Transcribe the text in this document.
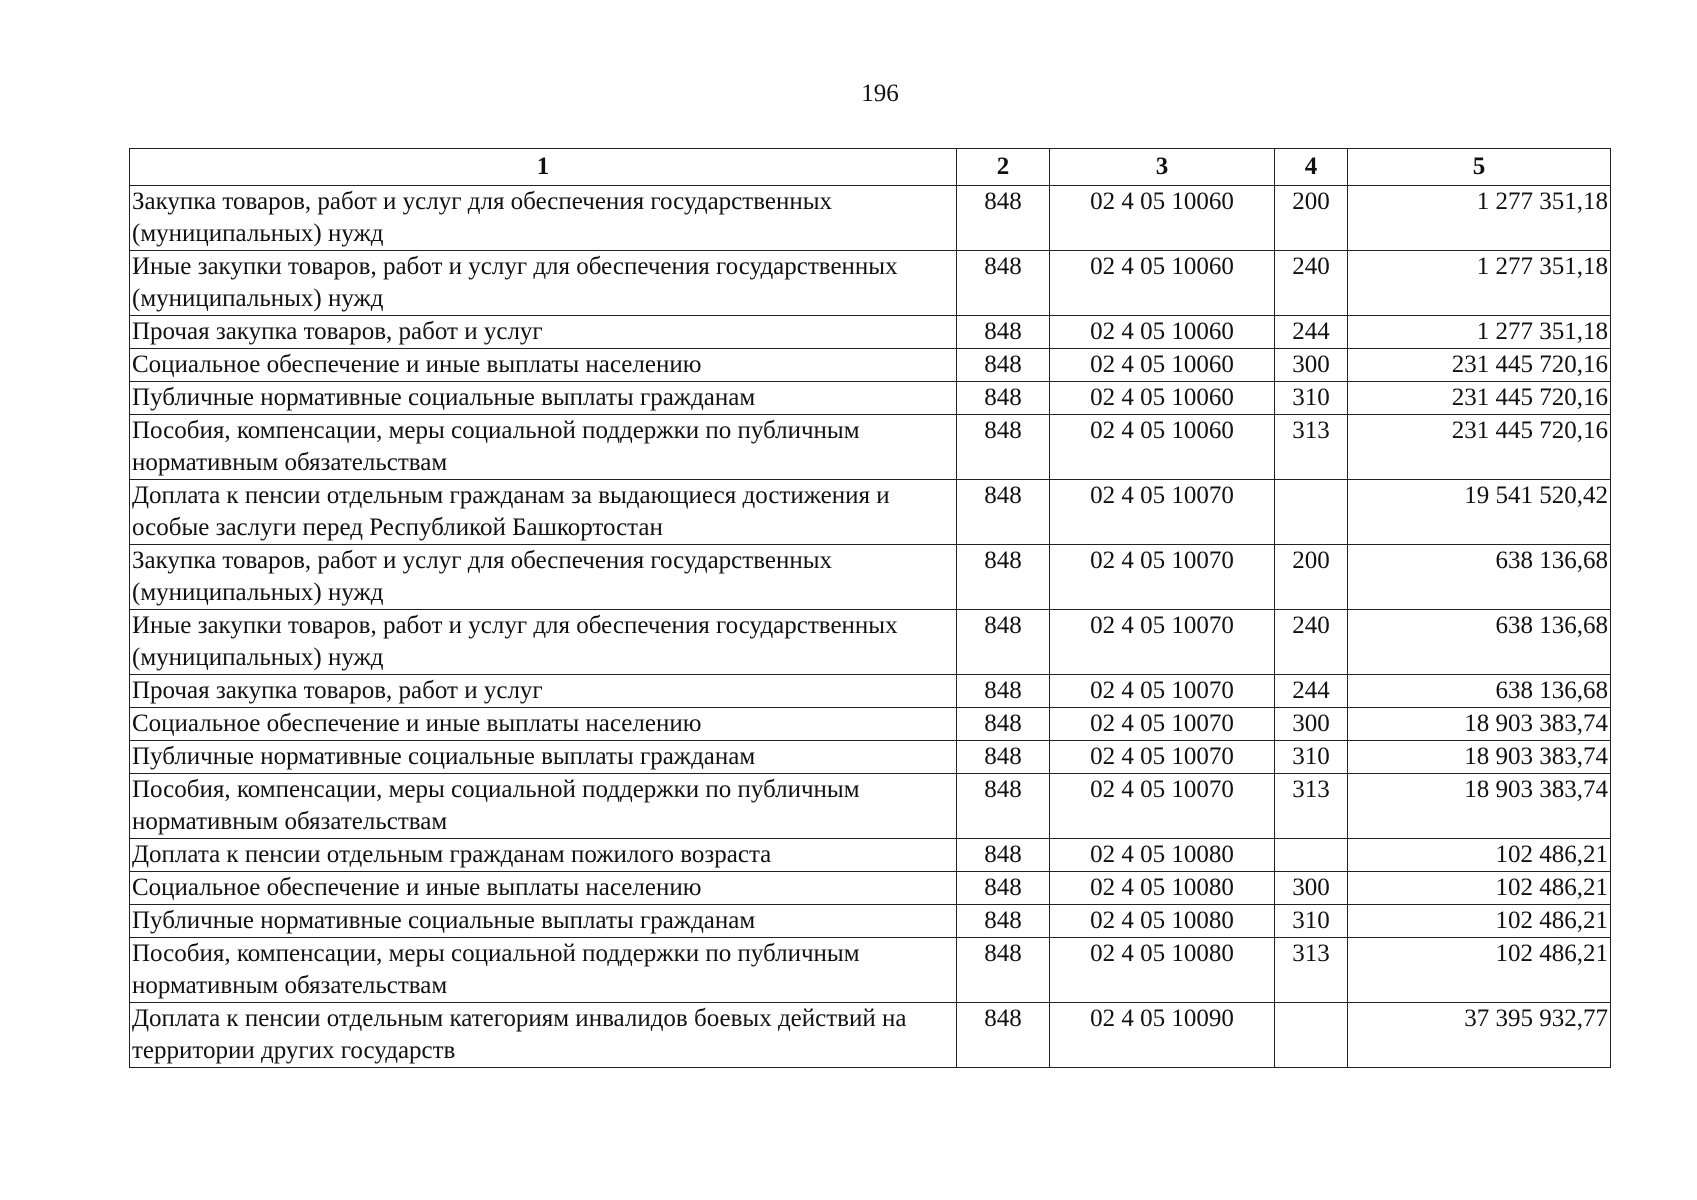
196
1	2	3	4	5
Закупка товаров, работ и услуг для обеспечения государственных (муниципальных) нужд	848	02 4 05 10060	200	1 277 351,18
Иные закупки товаров, работ и услуг для обеспечения государственных (муниципальных) нужд	848	02 4 05 10060	240	1 277 351,18
Прочая закупка товаров, работ и услуг	848	02 4 05 10060	244	1 277 351,18
Социальное обеспечение и иные выплаты населению	848	02 4 05 10060	300	231 445 720,16
Публичные нормативные социальные выплаты гражданам	848	02 4 05 10060	310	231 445 720,16
Пособия, компенсации, меры социальной поддержки по публичным нормативным обязательствам	848	02 4 05 10060	313	231 445 720,16
Доплата к пенсии отдельным гражданам за выдающиеся достижения и особые заслуги перед Республикой Башкортостан	848	02 4 05 10070		19 541 520,42
Закупка товаров, работ и услуг для обеспечения государственных (муниципальных) нужд	848	02 4 05 10070	200	638 136,68
Иные закупки товаров, работ и услуг для обеспечения государственных (муниципальных) нужд	848	02 4 05 10070	240	638 136,68
Прочая закупка товаров, работ и услуг	848	02 4 05 10070	244	638 136,68
Социальное обеспечение и иные выплаты населению	848	02 4 05 10070	300	18 903 383,74
Публичные нормативные социальные выплаты гражданам	848	02 4 05 10070	310	18 903 383,74
Пособия, компенсации, меры социальной поддержки по публичным нормативным обязательствам	848	02 4 05 10070	313	18 903 383,74
Доплата к пенсии отдельным гражданам пожилого возраста	848	02 4 05 10080		102 486,21
Социальное обеспечение и иные выплаты населению	848	02 4 05 10080	300	102 486,21
Публичные нормативные социальные выплаты гражданам	848	02 4 05 10080	310	102 486,21
Пособия, компенсации, меры социальной поддержки по публичным нормативным обязательствам	848	02 4 05 10080	313	102 486,21
Доплата к пенсии отдельным категориям инвалидов боевых действий на территории других государств	848	02 4 05 10090		37 395 932,77
